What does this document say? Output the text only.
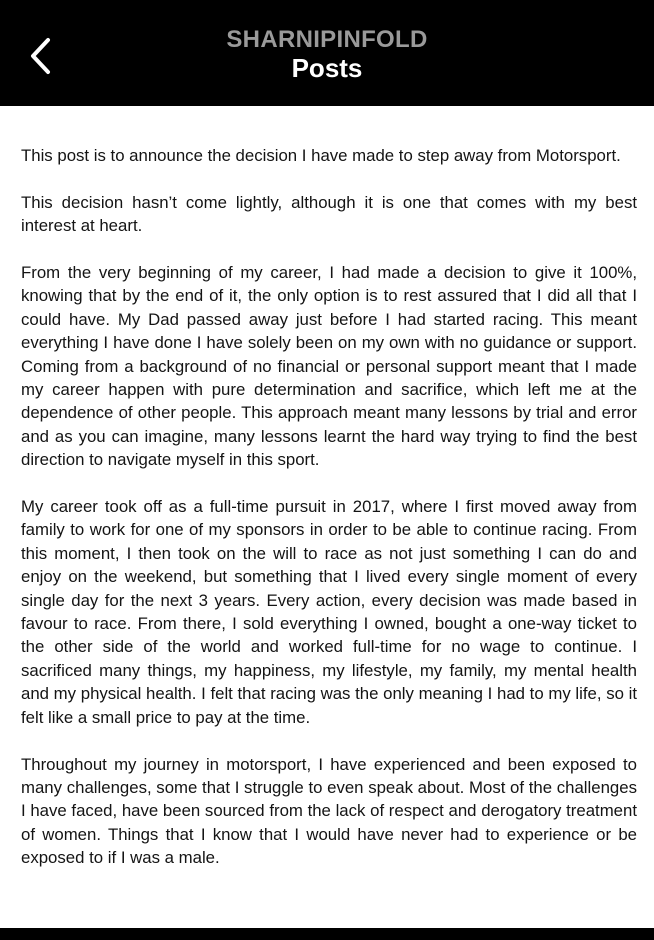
SHARNIPINFOLD
Posts

This post is to announce the decision I have made to step away from Motorsport.

This decision hasn’t come lightly, although it is one that comes with my best interest at heart.

From the very beginning of my career, I had made a decision to give it 100%, knowing that by the end of it, the only option is to rest assured that I did all that I could have. My Dad passed away just before I had started racing. This meant everything I have done I have solely been on my own with no guidance or support. Coming from a background of no financial or personal support meant that I made my career happen with pure determination and sacrifice, which left me at the dependence of other people. This approach meant many lessons by trial and error and as you can imagine, many lessons learnt the hard way trying to find the best direction to navigate myself in this sport.

My career took off as a full-time pursuit in 2017, where I first moved away from family to work for one of my sponsors in order to be able to continue racing. From this moment, I then took on the will to race as not just something I can do and enjoy on the weekend, but something that I lived every single moment of every single day for the next 3 years. Every action, every decision was made based in favour to race. From there, I sold everything I owned, bought a one-way ticket to the other side of the world and worked full-time for no wage to continue. I sacrificed many things, my happiness, my lifestyle, my family, my mental health and my physical health. I felt that racing was the only meaning I had to my life, so it felt like a small price to pay at the time.

Throughout my journey in motorsport, I have experienced and been exposed to many challenges, some that I struggle to even speak about. Most of the challenges I have faced, have been sourced from the lack of respect and derogatory treatment of women. Things that I know that I would have never had to experience or be exposed to if I was a male.
